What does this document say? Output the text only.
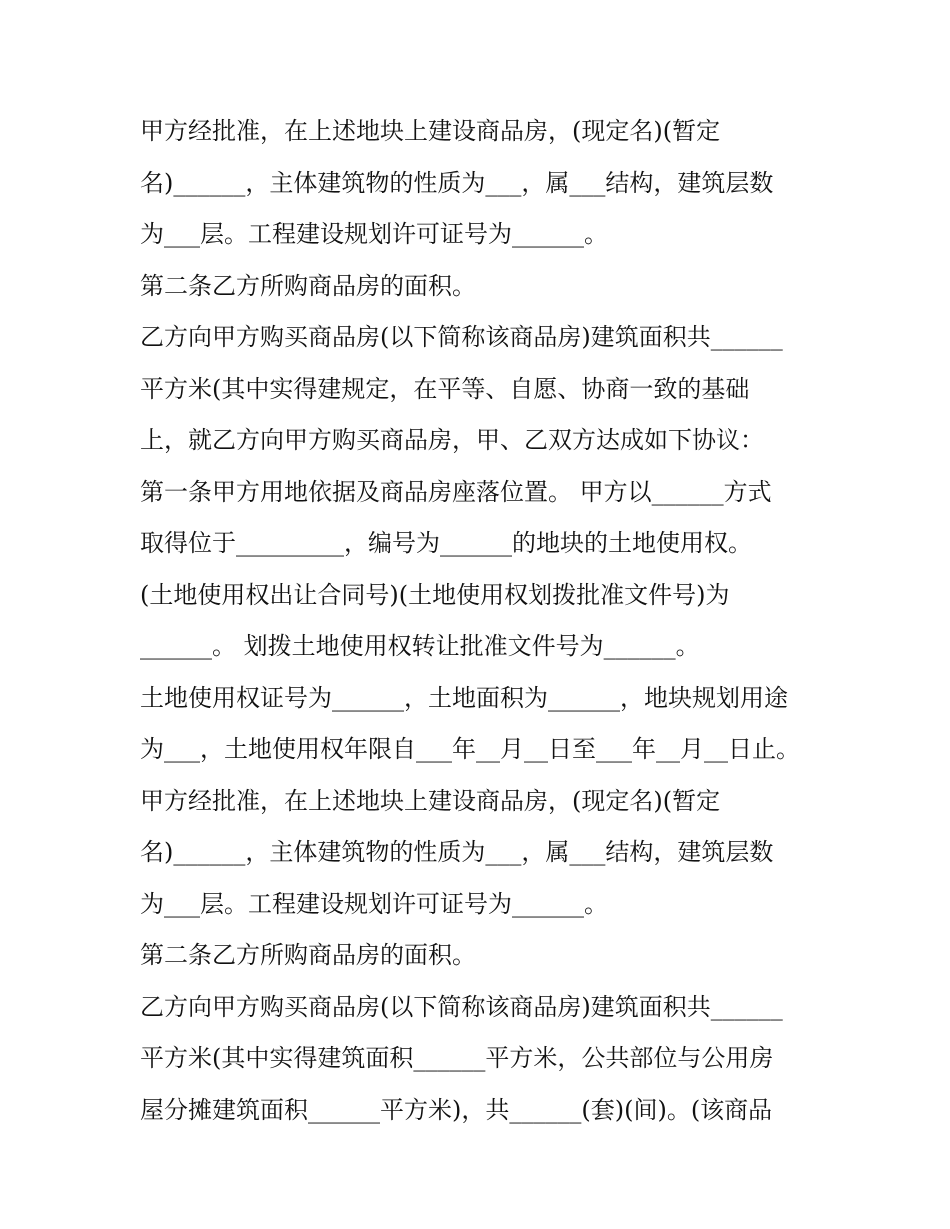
甲方经批准，在上述地块上建设商品房，(现定名)(暂定
名)______，主体建筑物的性质为___，属___结构，建筑层数
为___层。工程建设规划许可证号为______。
第二条乙方所购商品房的面积。
乙方向甲方购买商品房(以下简称该商品房)建筑面积共______
平方米(其中实得建规定，在平等、自愿、协商一致的基础
上，就乙方向甲方购买商品房，甲、乙双方达成如下协议：
第一条甲方用地依据及商品房座落位置。 甲方以______方式
取得位于_________，编号为______的地块的土地使用权。
(土地使用权出让合同号)(土地使用权划拨批准文件号)为
______。 划拨土地使用权转让批准文件号为______。
土地使用权证号为______，土地面积为______，地块规划用途
为___，土地使用权年限自___年__月__日至___年__月__日止。
甲方经批准，在上述地块上建设商品房，(现定名)(暂定
名)______，主体建筑物的性质为___，属___结构，建筑层数
为___层。工程建设规划许可证号为______。
第二条乙方所购商品房的面积。
乙方向甲方购买商品房(以下简称该商品房)建筑面积共______
平方米(其中实得建筑面积______平方米，公共部位与公用房
屋分摊建筑面积______平方米)，共______(套)(间)。(该商品
